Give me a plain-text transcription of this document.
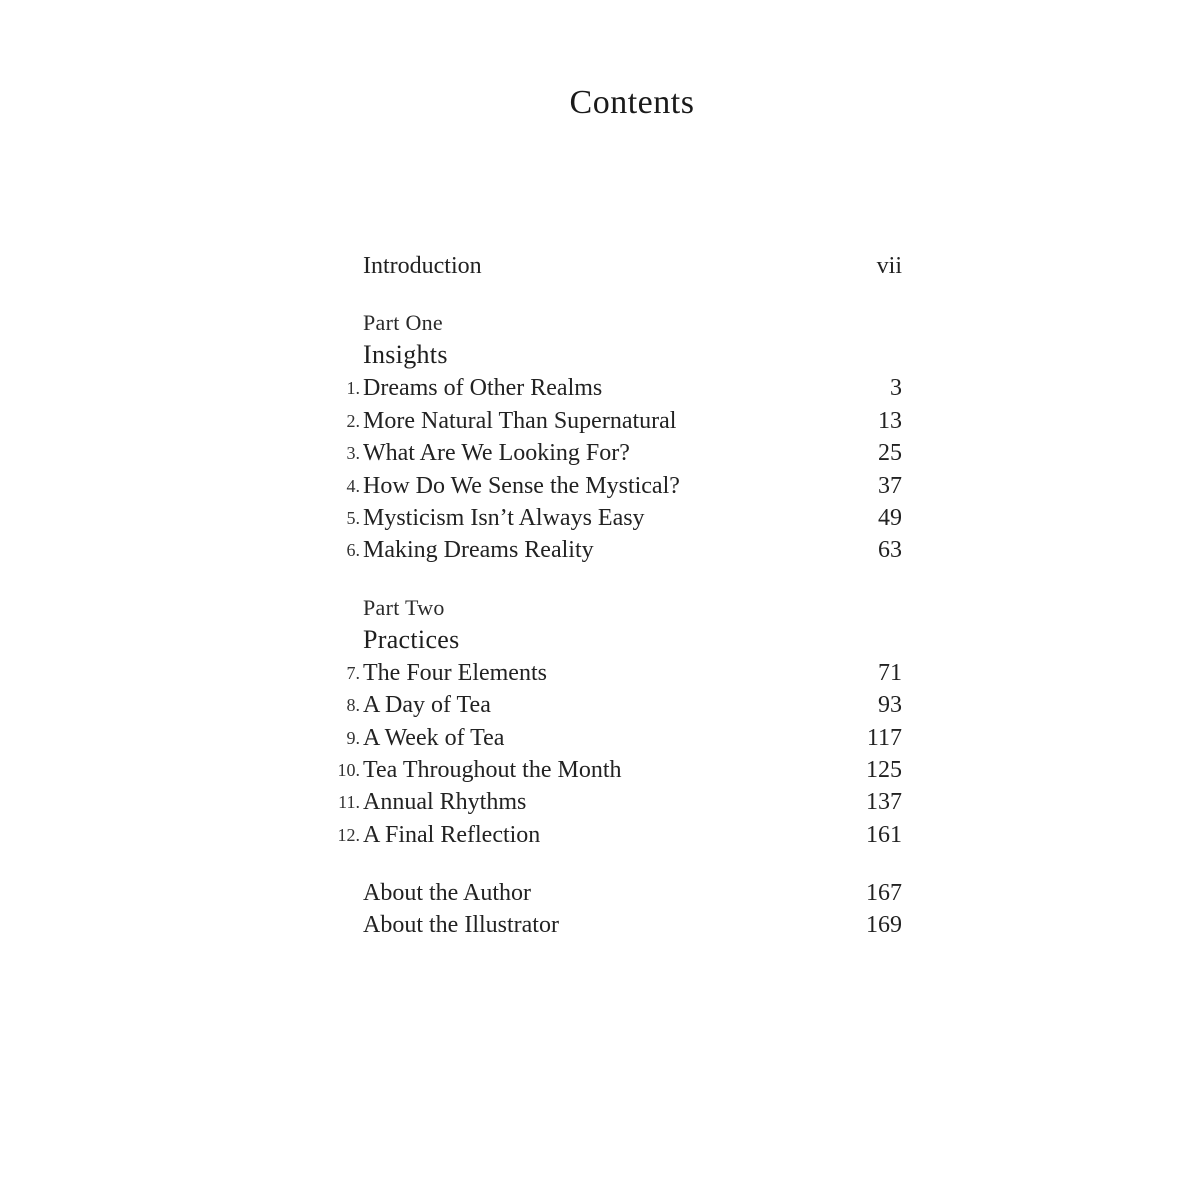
Contents
Introduction	vii
Part One
Insights
1. Dreams of Other Realms	3
2. More Natural Than Supernatural	13
3. What Are We Looking For?	25
4. How Do We Sense the Mystical?	37
5. Mysticism Isn’t Always Easy	49
6. Making Dreams Reality	63
Part Two
Practices
7. The Four Elements	71
8. A Day of Tea	93
9. A Week of Tea	117
10. Tea Throughout the Month	125
11. Annual Rhythms	137
12. A Final Reflection	161
About the Author	167
About the Illustrator	169
